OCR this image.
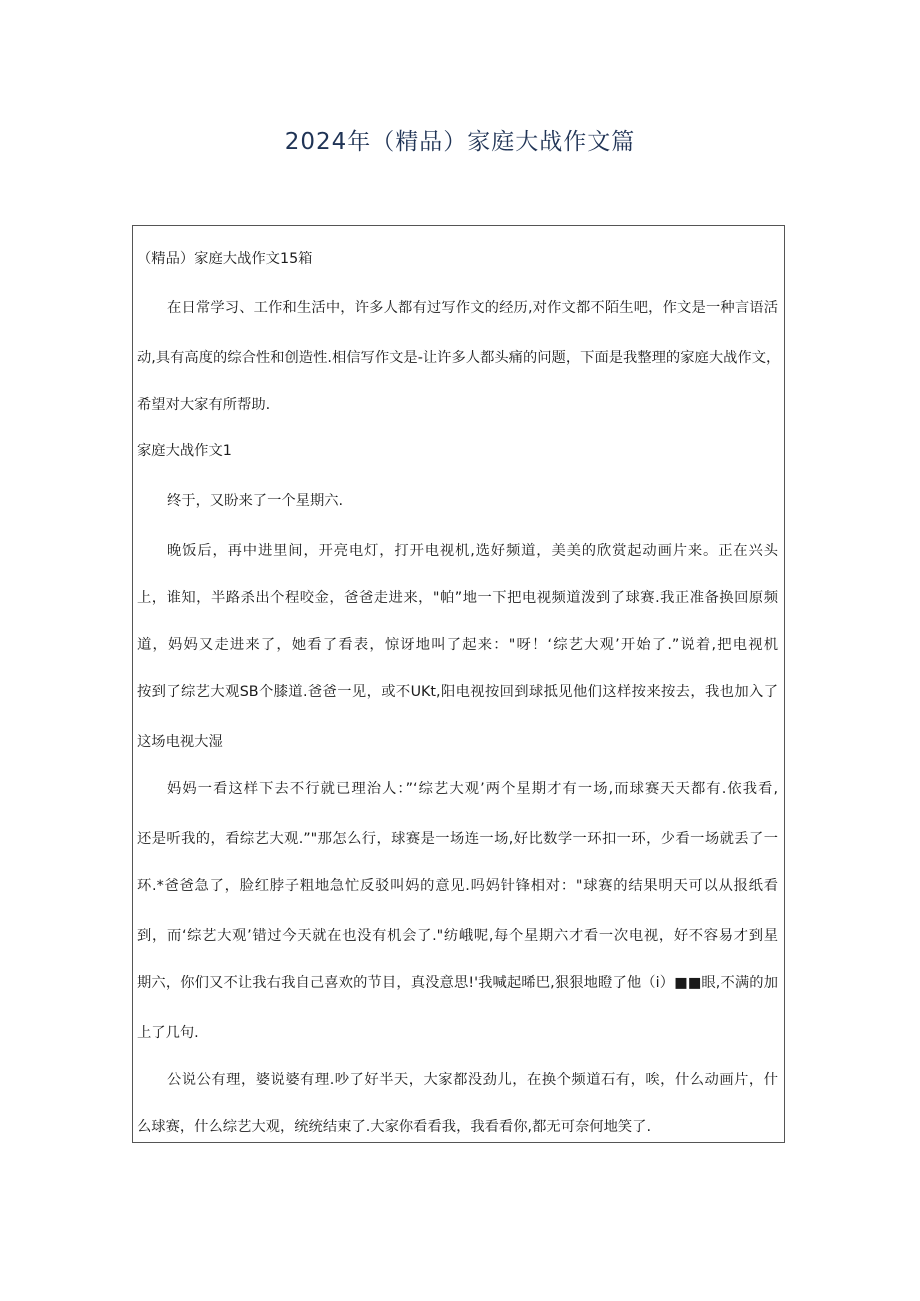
2024年（精品）家庭大战作文篇
（精品）家庭大战作文15箱
在日常学习、工作和生活中，许多人都有过写作文的经历,对作文都不陌生吧，作文是一种言语活
动,具有高度的综合性和创造性.相信写作文是-让许多人都头痛的问题，下面是我整理的家庭大战作文，
希望对大家有所帮助.
家庭大战作文1
终于，又盼来了一个星期六.
晚饭后，再中进里间，开亮电灯，打开电视机,选好频道，美美的欣赏起动画片来。正在兴头
上，谁知，半路杀出个程咬金，爸爸走进来，"帕”地一下把电视频道泼到了球赛.我正准备换回原频
道，妈妈又走进来了，她看了看表，惊讶地叫了起来："呀！‘综艺大观’开始了.”说着,把电视机
按到了综艺大观SB个膝道.爸爸一见，或不UKt,阳电视按回到球抵见他们这样按来按去，我也加入了
这场电视大湿
妈妈一看这样下去不行就已理治人：”‘综艺大观’两个星期才有一场,而球赛天天都有.依我看,
还是听我的，看综艺大观.”"那怎么行，球赛是一场连一场,好比数学一环扣一环，少看一场就丢了一
环.*爸爸急了，脸红脖子粗地急忙反驳叫妈的意见.吗妈针锋相对："球赛的结果明天可以从报纸看
到，而‘综艺大观’错过今天就在也没有机会了."纺峨呢,每个星期六才看一次电视，好不容易才到星
期六，你们又不让我右我自己喜欢的节目，真没意思!'我喊起晞巴,狠狠地瞪了他（i）■■眼,不满的加
上了几句.
公说公有理，婆说婆有理.吵了好半天，大家都没劲儿，在换个频道石有，唉，什么动画片，什
么球赛，什么综艺大观，统统结束了.大家你看看我，我看看你,都无可奈何地笑了.
